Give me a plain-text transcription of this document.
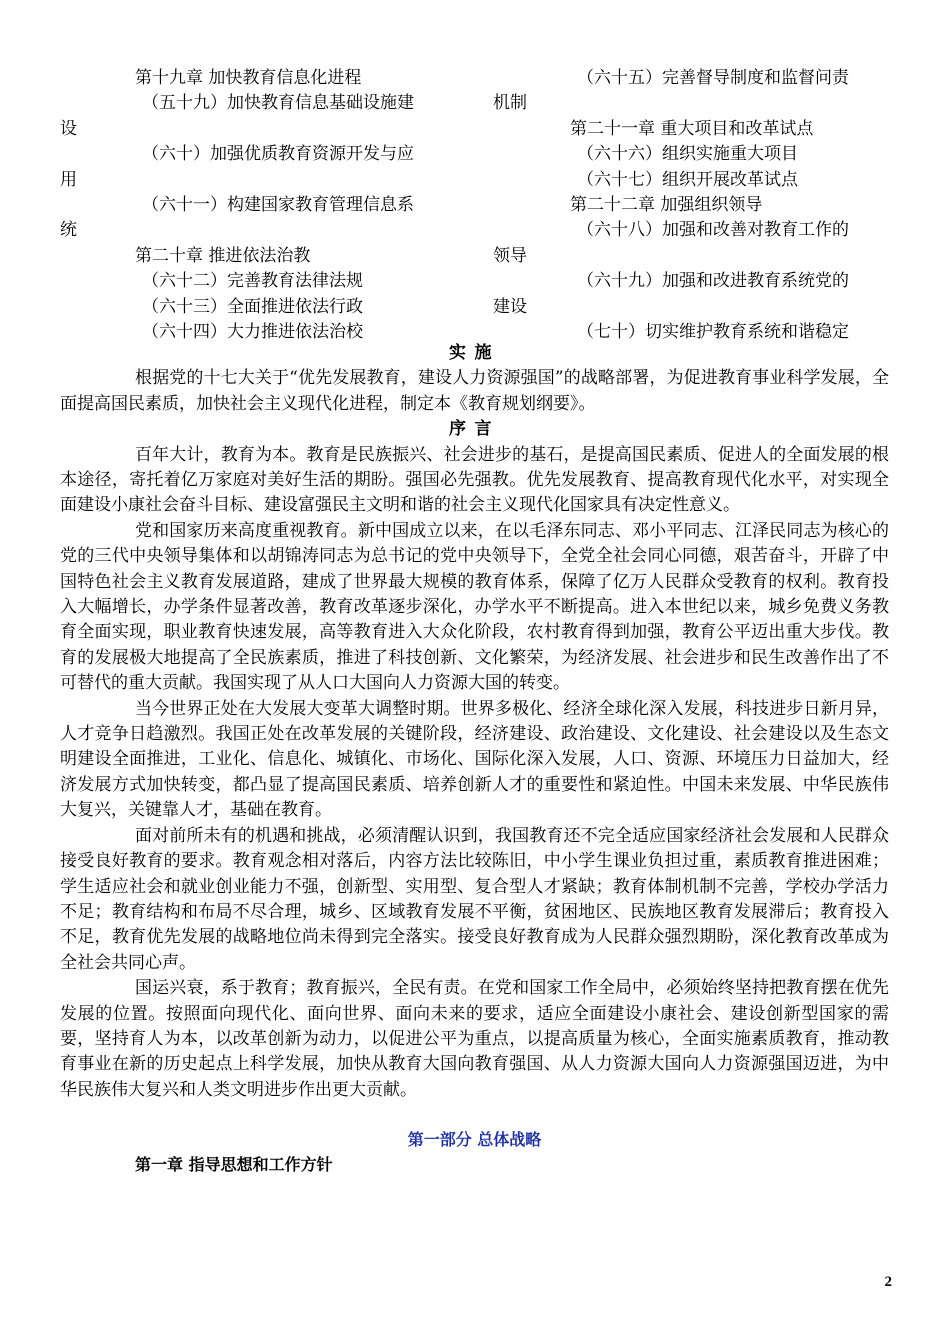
第十九章 加快教育信息化进程
（五十九）加快教育信息基础设施建
设
（六十）加强优质教育资源开发与应
用
（六十一）构建国家教育管理信息系
统
第二十章 推进依法治教
（六十二）完善教育法律法规
（六十三）全面推进依法行政
（六十四）大力推进依法治校
（六十五）完善督导制度和监督问责
机制
第二十一章 重大项目和改革试点
（六十六）组织实施重大项目
（六十七）组织开展改革试点
第二十二章 加强组织领导
（六十八）加强和改善对教育工作的
领导
（六十九）加强和改进教育系统党的
建设
（七十）切实维护教育系统和谐稳定
实施

根据党的十七大关于“优先发展教育，建设人力资源强国”的战略部署，为促进教育事业科学发展，全面提高国民素质，加快社会主义现代化进程，制定本《教育规划纲要》。

序言

百年大计，教育为本。教育是民族振兴、社会进步的基石，是提高国民素质、促进人的全面发展的根本途径，寄托着亿万家庭对美好生活的期盼。强国必先强教。优先发展教育、提高教育现代化水平，对实现全面建设小康社会奋斗目标、建设富强民主文明和谐的社会主义现代化国家具有决定性意义。

党和国家历来高度重视教育。新中国成立以来，在以毛泽东同志、邓小平同志、江泽民同志为核心的党的三代中央领导集体和以胡锦涛同志为总书记的党中央领导下，全党全社会同心同德，艰苦奋斗，开辟了中国特色社会主义教育发展道路，建成了世界最大规模的教育体系，保障了亿万人民群众受教育的权利。教育投入大幅增长，办学条件显著改善，教育改革逐步深化，办学水平不断提高。进入本世纪以来，城乡免费义务教育全面实现，职业教育快速发展，高等教育进入大众化阶段，农村教育得到加强，教育公平迈出重大步伐。教育的发展极大地提高了全民族素质，推进了科技创新、文化繁荣，为经济发展、社会进步和民生改善作出了不可替代的重大贡献。我国实现了从人口大国向人力资源大国的转变。

当今世界正处在大发展大变革大调整时期。世界多极化、经济全球化深入发展，科技进步日新月异，人才竞争日趋激烈。我国正处在改革发展的关键阶段，经济建设、政治建设、文化建设、社会建设以及生态文明建设全面推进，工业化、信息化、城镇化、市场化、国际化深入发展，人口、资源、环境压力日益加大，经济发展方式加快转变，都凸显了提高国民素质、培养创新人才的重要性和紧迫性。中国未来发展、中华民族伟大复兴，关键靠人才，基础在教育。

面对前所未有的机遇和挑战，必须清醒认识到，我国教育还不完全适应国家经济社会发展和人民群众接受良好教育的要求。教育观念相对落后，内容方法比较陈旧，中小学生课业负担过重，素质教育推进困难；学生适应社会和就业创业能力不强，创新型、实用型、复合型人才紧缺；教育体制机制不完善，学校办学活力不足；教育结构和布局不尽合理，城乡、区域教育发展不平衡，贫困地区、民族地区教育发展滞后；教育投入不足，教育优先发展的战略地位尚未得到完全落实。接受良好教育成为人民群众强烈期盼，深化教育改革成为全社会共同心声。

国运兴衰，系于教育；教育振兴，全民有责。在党和国家工作全局中，必须始终坚持把教育摆在优先发展的位置。按照面向现代化、面向世界、面向未来的要求，适应全面建设小康社会、建设创新型国家的需要，坚持育人为本，以改革创新为动力，以促进公平为重点，以提高质量为核心，全面实施素质教育，推动教育事业在新的历史起点上科学发展，加快从教育大国向教育强国、从人力资源大国向人力资源强国迈进，为中华民族伟大复兴和人类文明进步作出更大贡献。

第一部分 总体战略
第一章 指导思想和工作方针
2
